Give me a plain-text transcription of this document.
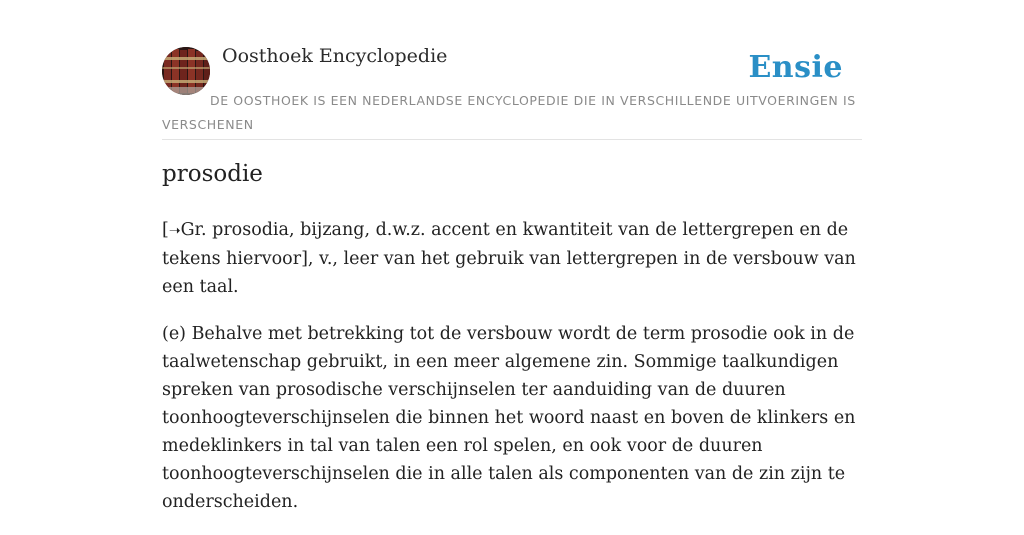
Oosthoek Encyclopedie	Ensie
DE OOSTHOEK IS EEN NEDERLANDSE ENCYCLOPEDIE DIE IN VERSCHILLENDE UITVOERINGEN IS VERSCHENEN
prosodie

[➝Gr. prosodia, bijzang, d.w.z. accent en kwantiteit van de lettergrepen en de tekens hiervoor], v., leer van het gebruik van lettergrepen in de versbouw van een taal.

(e) Behalve met betrekking tot de versbouw wordt de term prosodie ook in de taalwetenschap gebruikt, in een meer algemene zin. Sommige taalkundigen spreken van prosodische verschijnselen ter aanduiding van de duuren toonhoogteverschijnselen die binnen het woord naast en boven de klinkers en medeklinkers in tal van talen een rol spelen, en ook voor de duuren toonhoogteverschijnselen die in alle talen als componenten van de zin zijn te onderscheiden.
